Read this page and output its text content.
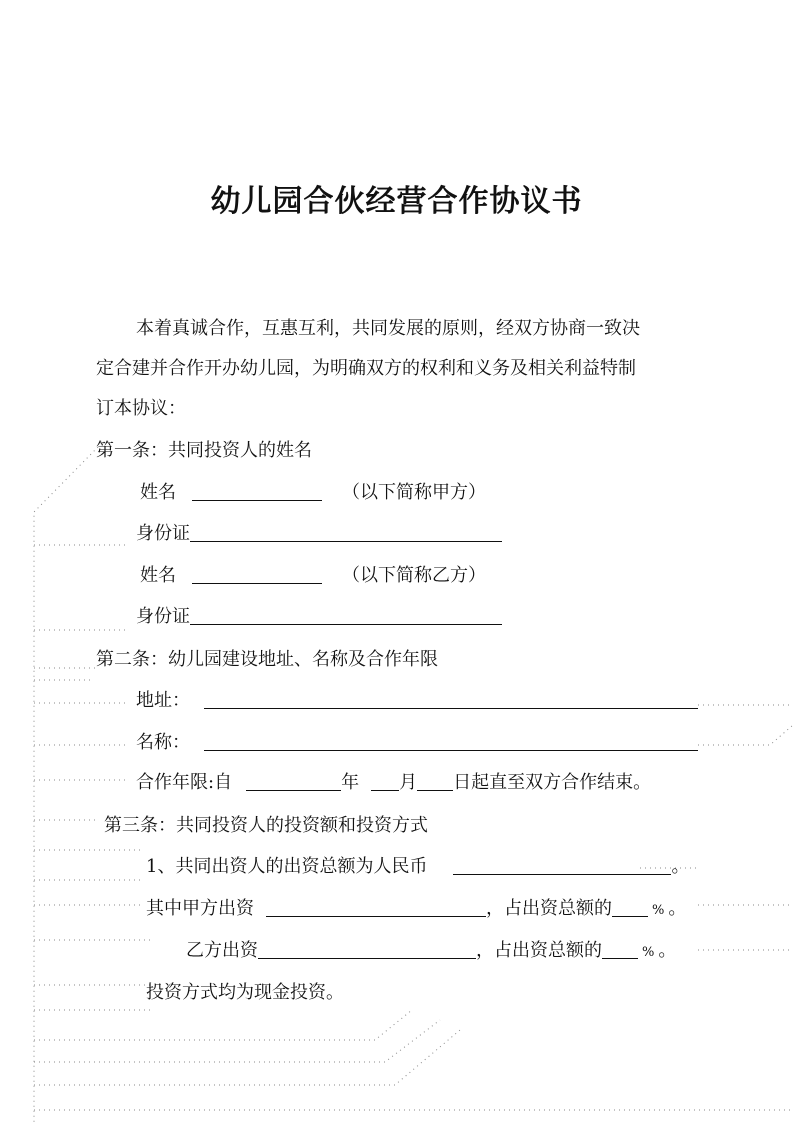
幼儿园合伙经营合作协议书
本着真诚合作，互惠互利，共同发展的原则，经双方协商一致决
定合建并合作开办幼儿园，为明确双方的权利和义务及相关利益特制
订本协议：
第一条：共同投资人的姓名
姓名	（以下简称甲方）
身份证
姓名	（以下简称乙方）
身份证
第二条：幼儿园建设地址、名称及合作年限
地址：
名称：
合作年限:自	年 月 日起直至双方合作结束。
第三条：共同投资人的投资额和投资方式
1、共同出资人的出资总额为人民币	。
其中甲方出资	，占出资总额的	% 。
乙方出资	，占出资总额的	% 。
投资方式均为现金投资。
